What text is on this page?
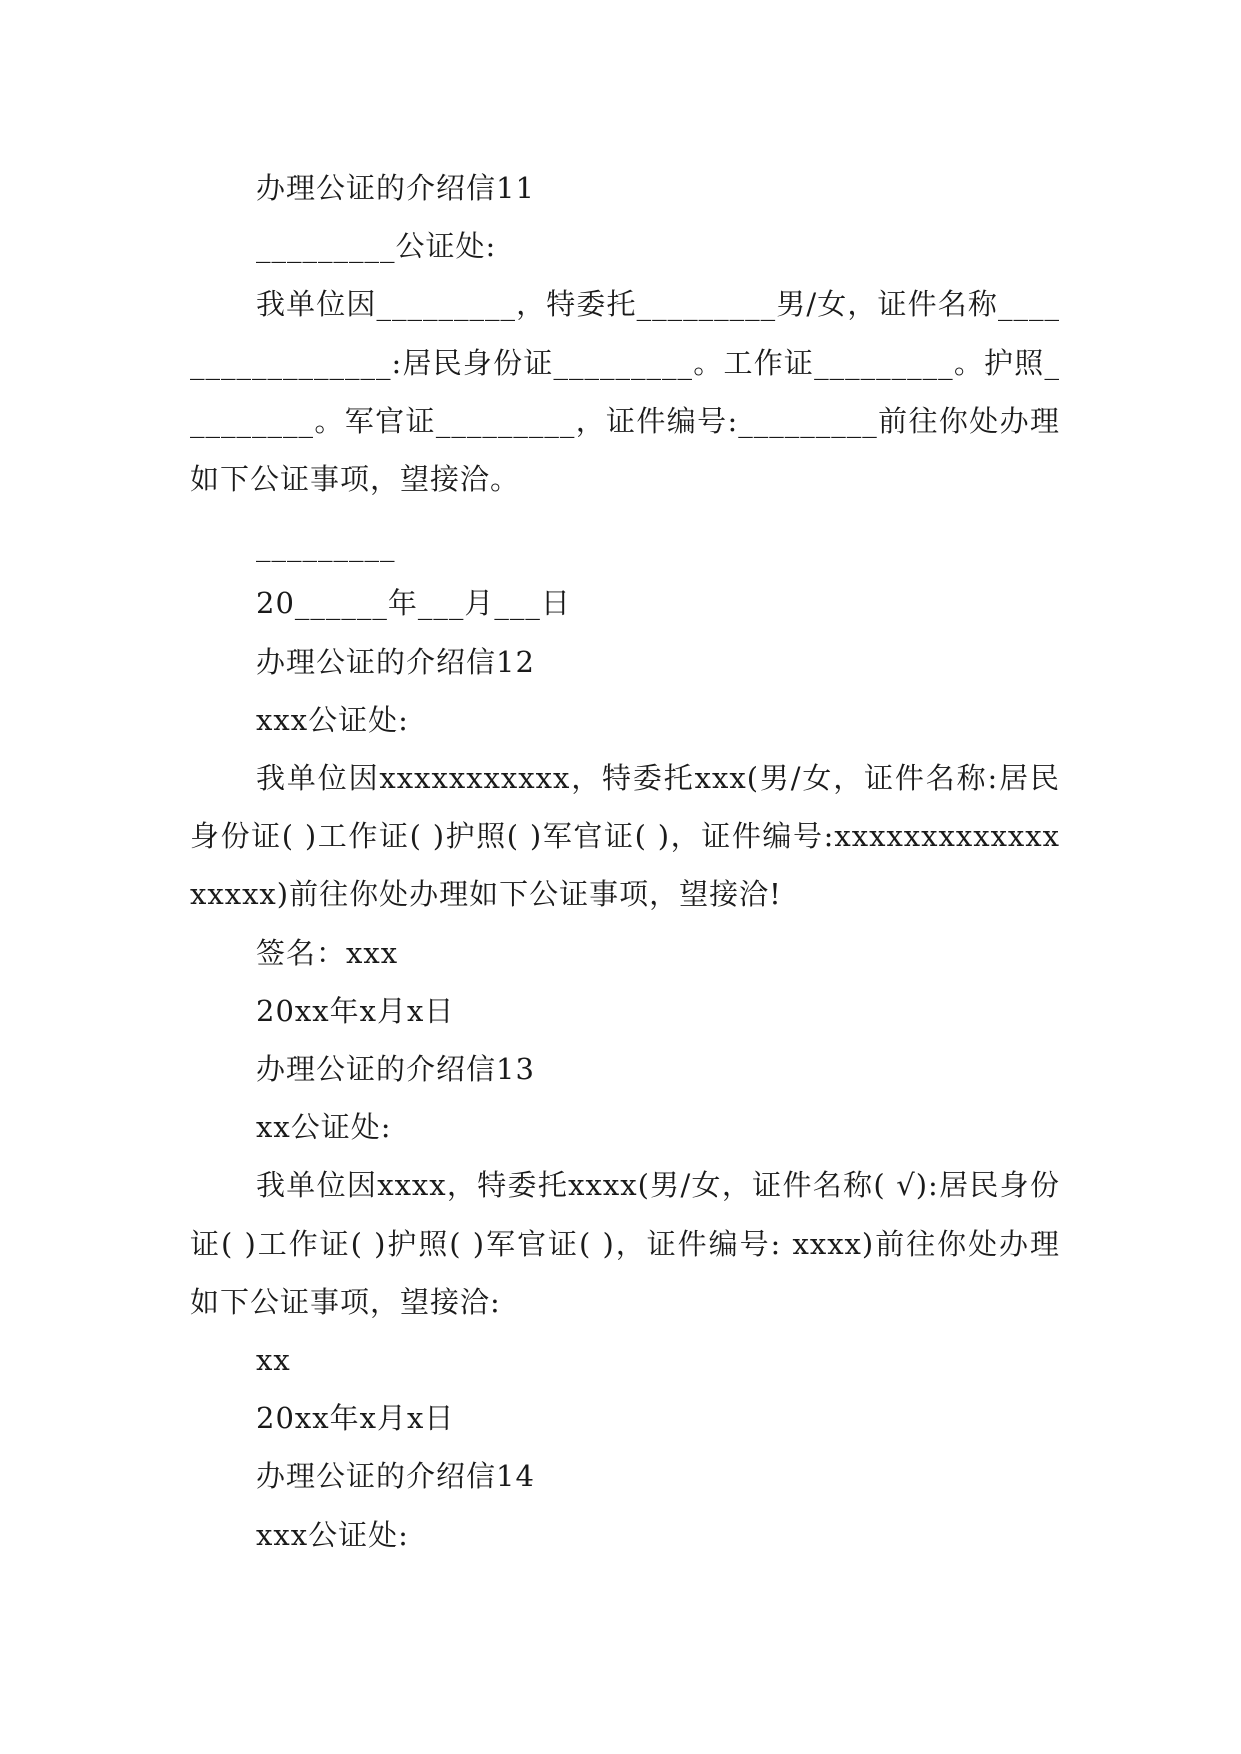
办理公证的介绍信11

_________公证处:

我单位因_________，特委托_________男/女，证件名称_________________:居民身份证_________。工作证_________。护照_________。军官证_________，证件编号:_________前往你处办理如下公证事项，望接洽。

_________

20______年___月___日

办理公证的介绍信12

xxx公证处:

我单位因xxxxxxxxxxx，特委托xxx(男/女，证件名称:居民身份证( )工作证( )护照( )军官证( )，证件编号:xxxxxxxxxxxxxxxxxx)前往你处办理如下公证事项，望接洽!

签名：xxx

20xx年x月x日

办理公证的介绍信13

xx公证处:

我单位因xxxx，特委托xxxx(男/女，证件名称( √):居民身份证( )工作证( )护照( )军官证( )，证件编号: xxxx)前往你处办理如下公证事项，望接洽:

xx

20xx年x月x日

办理公证的介绍信14

xxx公证处:
